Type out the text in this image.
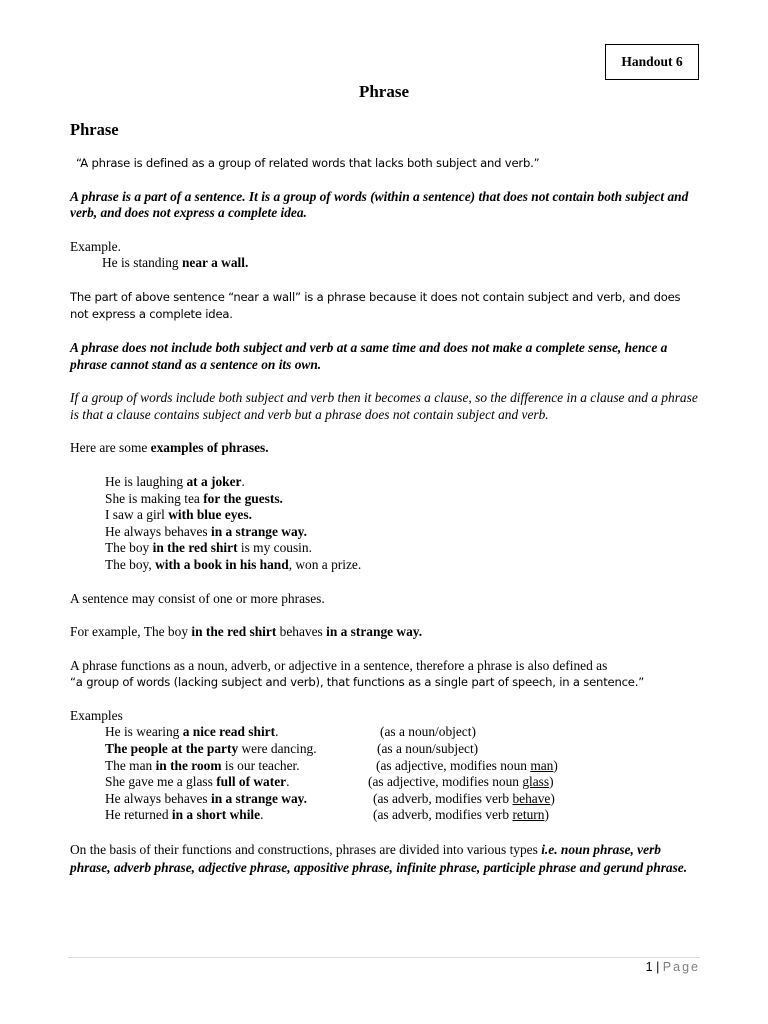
Handout 6
Phrase

Phrase

“A phrase is defined as a group of related words that lacks both subject and verb.”

A phrase is a part of a sentence. It is a group of words (within a sentence) that does not contain both subject and verb, and does not express a complete idea.

Example.

He is standing near a wall.

The part of above sentence “near a wall” is a phrase because it does not contain subject and verb, and does not express a complete idea.

A phrase does not include both subject and verb at a same time and does not make a complete sense, hence a phrase cannot stand as a sentence on its own.

If a group of words include both subject and verb then it becomes a clause, so the difference in a clause and a phrase is that a clause contains subject and verb but a phrase does not contain subject and verb.

Here are some examples of phrases.

He is laughing at a joker.

She is making tea for the guests.

I saw a girl with blue eyes.

He always behaves in a strange way.

The boy in the red shirt is my cousin.

The boy, with a book in his hand, won a prize.

A sentence may consist of one or more phrases.

For example, The boy in the red shirt behaves in a strange way.

A phrase functions as a noun, adverb, or adjective in a sentence, therefore a phrase is also defined as
“a group of words (lacking subject and verb), that functions as a single part of speech, in a sentence.”

Examples

He is wearing a nice read shirt.	(as a noun/object)
The people at the party were dancing.	(as a noun/subject)
The man in the room is our teacher.	(as adjective, modifies noun man)
She gave me a glass full of water.	(as adjective, modifies noun glass)
He always behaves in a strange way.	(as adverb, modifies verb behave)
He returned in a short while.	(as adverb, modifies verb return)

On the basis of their functions and constructions, phrases are divided into various types i.e. noun phrase, verb phrase, adverb phrase, adjective phrase, appositive phrase, infinite phrase, participle phrase and gerund phrase.

1 | Page
